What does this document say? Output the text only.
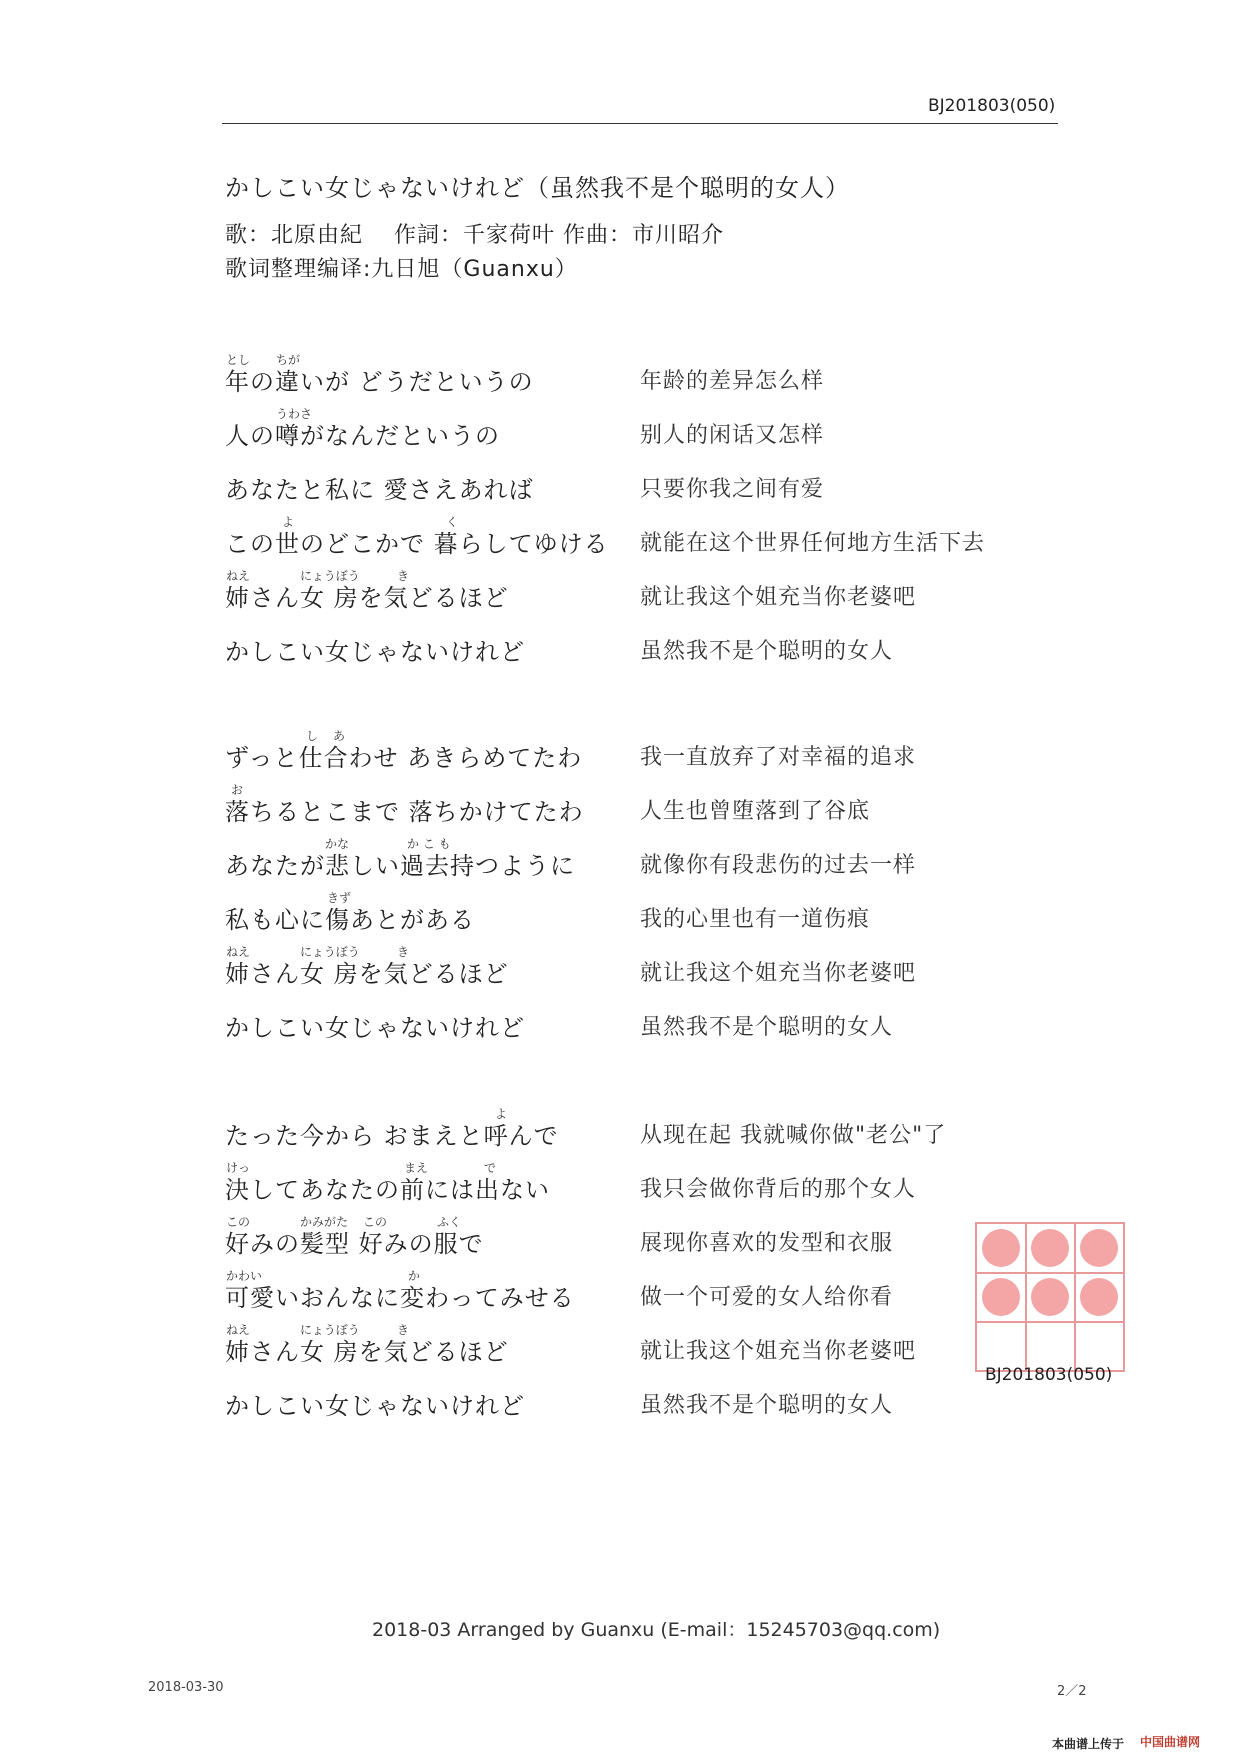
BJ201803(050)
かしこい女じゃないけれど（虽然我不是个聪明的女人）
歌：北原由紀　 作詞：千家荷叶 作曲：市川昭介
歌词整理编译:九日旭（Guanxu）
とし ちが
年の違いが どうだというの	年龄的差异怎么样
うわさ
人の噂がなんだというの	别人的闲话又怎样
あなたと私に 愛さえあれば	只要你我之间有爱
よ	く
この世のどこかで 暮らしてゆける 就能在这个世界任何地方生活下去
ねえ	にょうぼう	き
姉さん女 房を気どるほど	就让我这个姐充当你老婆吧
かしこい女じゃないけれど	虽然我不是个聪明的女人
し あ
ずっと仕合わせ あきらめてたわ	我一直放弃了对幸福的追求
お
落ちるとこまで 落ちかけてたわ	人生也曾堕落到了谷底
かな	か こ も
あなたが悲しい過去持つように	就像你有段悲伤的过去一样
きず
私も心に傷あとがある	我的心里也有一道伤痕
ねえ	にょうぼう	き
姉さん女 房を気どるほど	就让我这个姐充当你老婆吧
かしこい女じゃないけれど	虽然我不是个聪明的女人
よ
たった今から おまえと呼んで	从现在起 我就喊你做"老公"了
けっ	まえ	で
決してあなたの前には出ない	我只会做你背后的那个女人
この	かみがた この	ふく
好みの髪型 好みの服で	展现你喜欢的发型和衣服
かわい	か
可愛いおんなに変わってみせる	做一个可爱的女人给你看
ねえ	にょうぼう	き
姉さん女 房を気どるほど	就让我这个姐充当你老婆吧
かしこい女じゃないけれど	虽然我不是个聪明的女人
九	日	旭
BJ201803(050)
2018-03 Arranged by Guanxu (E-mail：15245703@qq.com)
2018-03-30	2／2
本曲谱上传于 中国曲谱网
